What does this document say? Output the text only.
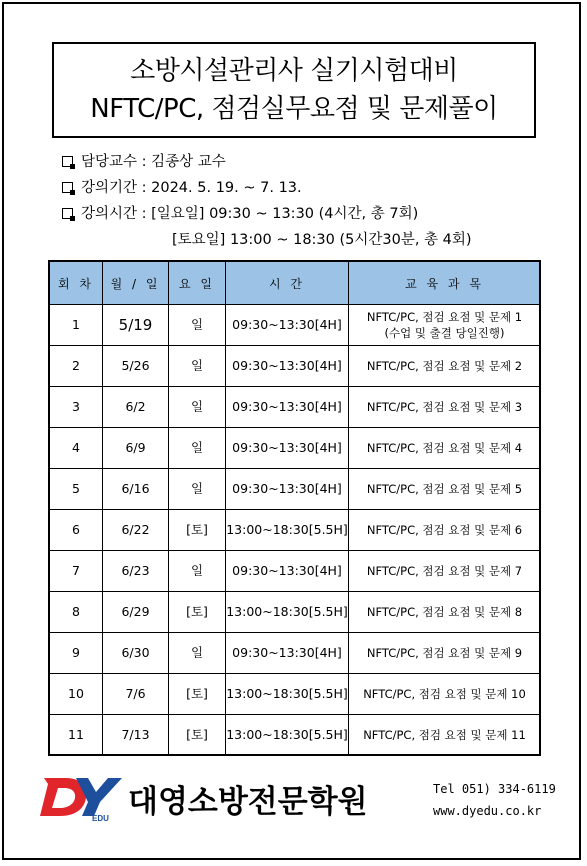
소방시설관리사 실기시험대비
NFTC/PC, 점검실무요점 및 문제풀이
담당교수 : 김종상 교수
강의기간 : 2024. 5. 19. ~ 7. 13.
강의시간 : [일요일] 09:30 ~ 13:30 (4시간, 총 7회)
[토요일] 13:00 ~ 18:30 (5시간30분, 총 4회)
회 차	월 / 일	요 일	시 간	교 육 과 목
1	5/19	일	09:30~13:30[4H]	NFTC/PC, 점검 요점 및 문제 1
(수업 및 출결 당일진행)
2	5/26	일	09:30~13:30[4H]	NFTC/PC, 점검 요점 및 문제 2
3	6/2	일	09:30~13:30[4H]	NFTC/PC, 점검 요점 및 문제 3
4	6/9	일	09:30~13:30[4H]	NFTC/PC, 점검 요점 및 문제 4
5	6/16	일	09:30~13:30[4H]	NFTC/PC, 점검 요점 및 문제 5
6	6/22	[토]	13:00~18:30[5.5H]	NFTC/PC, 점검 요점 및 문제 6
7	6/23	일	09:30~13:30[4H]	NFTC/PC, 점검 요점 및 문제 7
8	6/29	[토]	13:00~18:30[5.5H]	NFTC/PC, 점검 요점 및 문제 8
9	6/30	일	09:30~13:30[4H]	NFTC/PC, 점검 요점 및 문제 9
10	7/6	[토]	13:00~18:30[5.5H]	NFTC/PC, 점검 요점 및 문제 10
11	7/13	[토]	13:00~18:30[5.5H]	NFTC/PC, 점검 요점 및 문제 11
EDU 대영소방전문학원	Tel 051) 334-6119
www.dyedu.co.kr
